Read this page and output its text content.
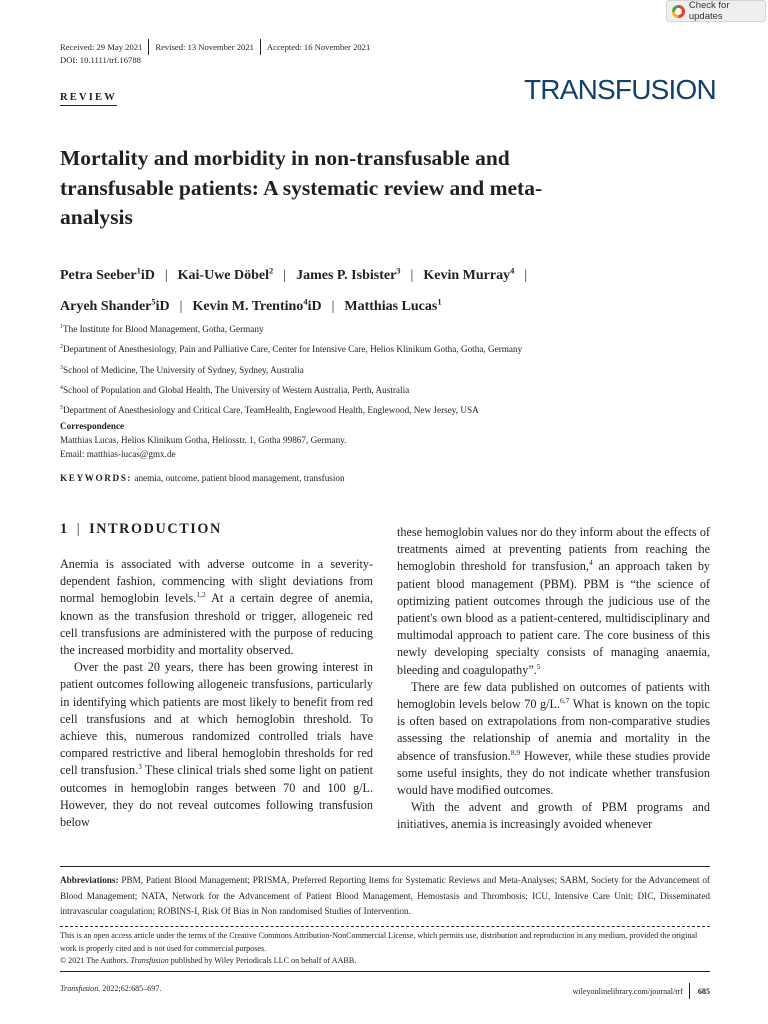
Check for updates
Received: 29 May 2021 Revised: 13 November 2021 Accepted: 16 November 2021
DOI: 10.1111/trf.16788
REVIEW	TRANSFUSION
Mortality and morbidity in non-transfusable and transfusable patients: A systematic review and meta-analysis
Petra Seeber$^1$iD | Kai-Uwe Döbel$^2$ | James P. Isbister$^3$ | Kevin Murray$^4$ |
Aryeh Shander$^5$iD | Kevin M. Trentino$^4$iD | Matthias Lucas$^1$
$^1$The Institute for Blood Management, Gotha, Germany
$^2$Department of Anesthesiology, Pain and Palliative Care, Center for Intensive Care, Helios Klinikum Gotha, Gotha, Germany
$^3$School of Medicine, The University of Sydney, Sydney, Australia
$^4$School of Population and Global Health, The University of Western Australia, Perth, Australia
$^5$Department of Anesthesiology and Critical Care, TeamHealth, Englewood Health, Englewood, New Jersey, USA
Correspondence
Matthias Lucas, Helios Klinikum Gotha, Heliosstr. 1, Gotha 99867, Germany.
Email: matthias-lucas@gmx.de
KEYWORDS: anemia, outcome, patient blood management, transfusion
1 | INTRODUCTION

Anemia is associated with adverse outcome in a severity-dependent fashion, commencing with slight deviations from normal hemoglobin levels.$^{1,2}$ At a certain degree of anemia, known as the transfusion threshold or trigger, allogeneic red cell transfusions are administered with the purpose of reducing the increased morbidity and mortality observed.

Over the past 20 years, there has been growing interest in patient outcomes following allogeneic transfusions, particularly in identifying which patients are most likely to benefit from red cell transfusions and at which hemoglobin threshold. To achieve this, numerous randomized controlled trials have compared restrictive and liberal hemoglobin thresholds for red cell transfusion.$^3$ These clinical trials shed some light on patient outcomes in hemoglobin ranges between 70 and 100 g/L. However, they do not reveal outcomes following transfusion below

these hemoglobin values nor do they inform about the effects of treatments aimed at preventing patients from reaching the hemoglobin threshold for transfusion,$^4$ an approach taken by patient blood management (PBM). PBM is “the science of optimizing patient outcomes through the judicious use of the patient's own blood as a patient-centered, multidisciplinary and multimodal approach to patient care. The core business of this newly developing specialty consists of managing anaemia, bleeding and coagulopathy”.$^5$

There are few data published on outcomes of patients with hemoglobin levels below 70 g/L.$^{6,7}$ What is known on the topic is often based on extrapolations from non-comparative studies assessing the relationship of anemia and mortality in the absence of transfusion.$^{8,9}$ However, while these studies provide some useful insights, they do not indicate whether transfusion would have modified outcomes.

With the advent and growth of PBM programs and initiatives, anemia is increasingly avoided whenever

Abbreviations: PBM, Patient Blood Management; PRISMA, Preferred Reporting Items for Systematic Reviews and Meta-Analyses; SABM, Society for the Advancement of Blood Management; NATA, Network for the Advancement of Patient Blood Management, Hemostasis and Thrombosis; ICU, Intensive Care Unit; DIC, Disseminated intravascular coagulation; ROBINS-I, Risk Of Bias in Non randomised Studies of Intervention.
This is an open access article under the terms of the Creative Commons Attribution-NonCommercial License, which permits use, distribution and reproduction in any medium, provided the original work is properly cited and is not used for commercial purposes.
© 2021 The Authors. Transfusion published by Wiley Periodicals LLC on behalf of AABB.
Transfusion. 2022;62:685–697.	wileyonlinelibrary.com/journal/trf 685
